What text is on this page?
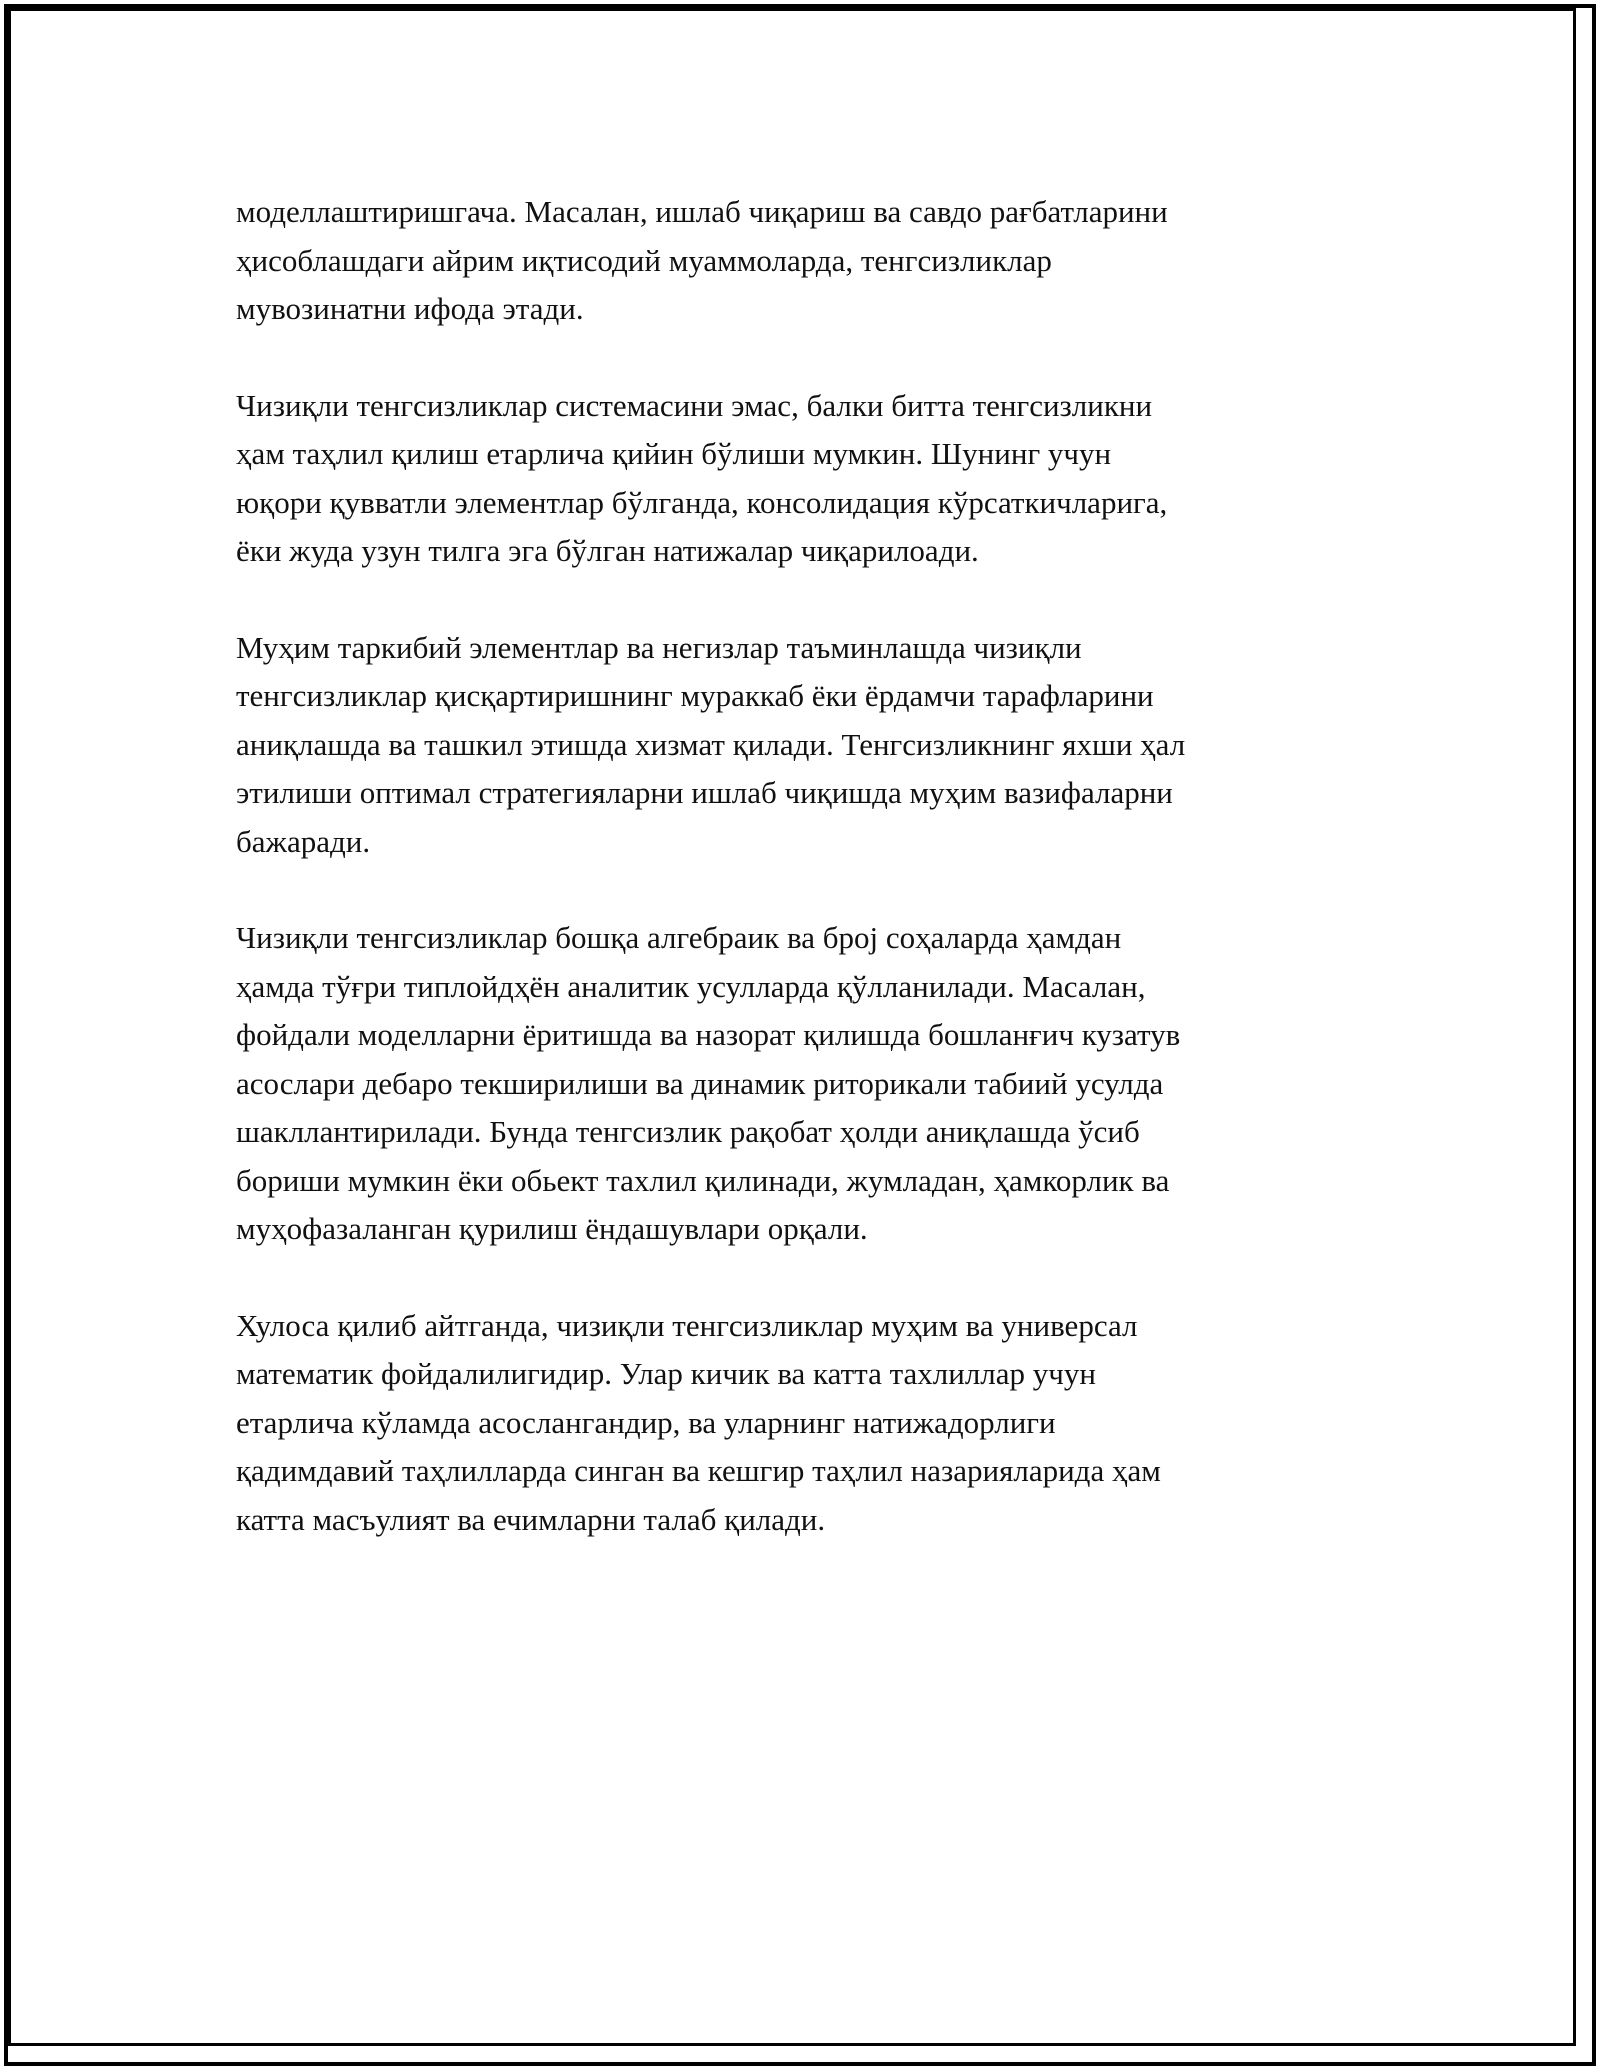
моделлаштиришгача. Масалан, ишлаб чиқариш ва савдо рағбатларини
ҳисоблашдаги айрим иқтисодий муаммоларда, тенгсизликлар
мувозинатни ифода этади.

Чизиқли тенгсизликлар системасини эмас, балки битта тенгсизликни
ҳам таҳлил қилиш етарлича қийин бўлиши мумкин. Шунинг учун
юқори қувватли элементлар бўлганда, консолидация кўрсаткичларига,
ёки жуда узун тилга эга бўлган натижалар чиқарилоади.

Муҳим таркибий элементлар ва негизлар таъминлашда чизиқли
тенгсизликлар қисқартиришнинг мураккаб ёки ёрдамчи тарафларини
аниқлашда ва ташкил этишда хизмат қилади. Тенгсизликнинг яхши ҳал
этилиши оптимал стратегияларни ишлаб чиқишда муҳим вазифаларни
бажаради.

Чизиқли тенгсизликлар бошқа алгебраик ва број соҳаларда ҳамдан
ҳамда тўғри типлойдҳён аналитик усулларда қўлланилади. Масалан,
фойдали моделларни ёритишда ва назорат қилишда бошланғич кузатув
асослари дебаро текширилиши ва динамик риторикали табиий усулда
шакллантирилади. Бунда тенгсизлик рақобат ҳолди аниқлашда ўсиб
бориши мумкин ёки обьект тахлил қилинади, жумладан, ҳамкорлик ва
муҳофазаланган қурилиш ёндашувлари орқали.

Хулоса қилиб айтганда, чизиқли тенгсизликлар муҳим ва универсал
математик фойдалилигидир. Улар кичик ва катта тахлиллар учун
етарлича кўламда асослангандир, ва уларнинг натижадорлиги
қадимдавий таҳлилларда синган ва кешгир таҳлил назарияларида ҳам
катта масъулият ва ечимларни талаб қилади.
